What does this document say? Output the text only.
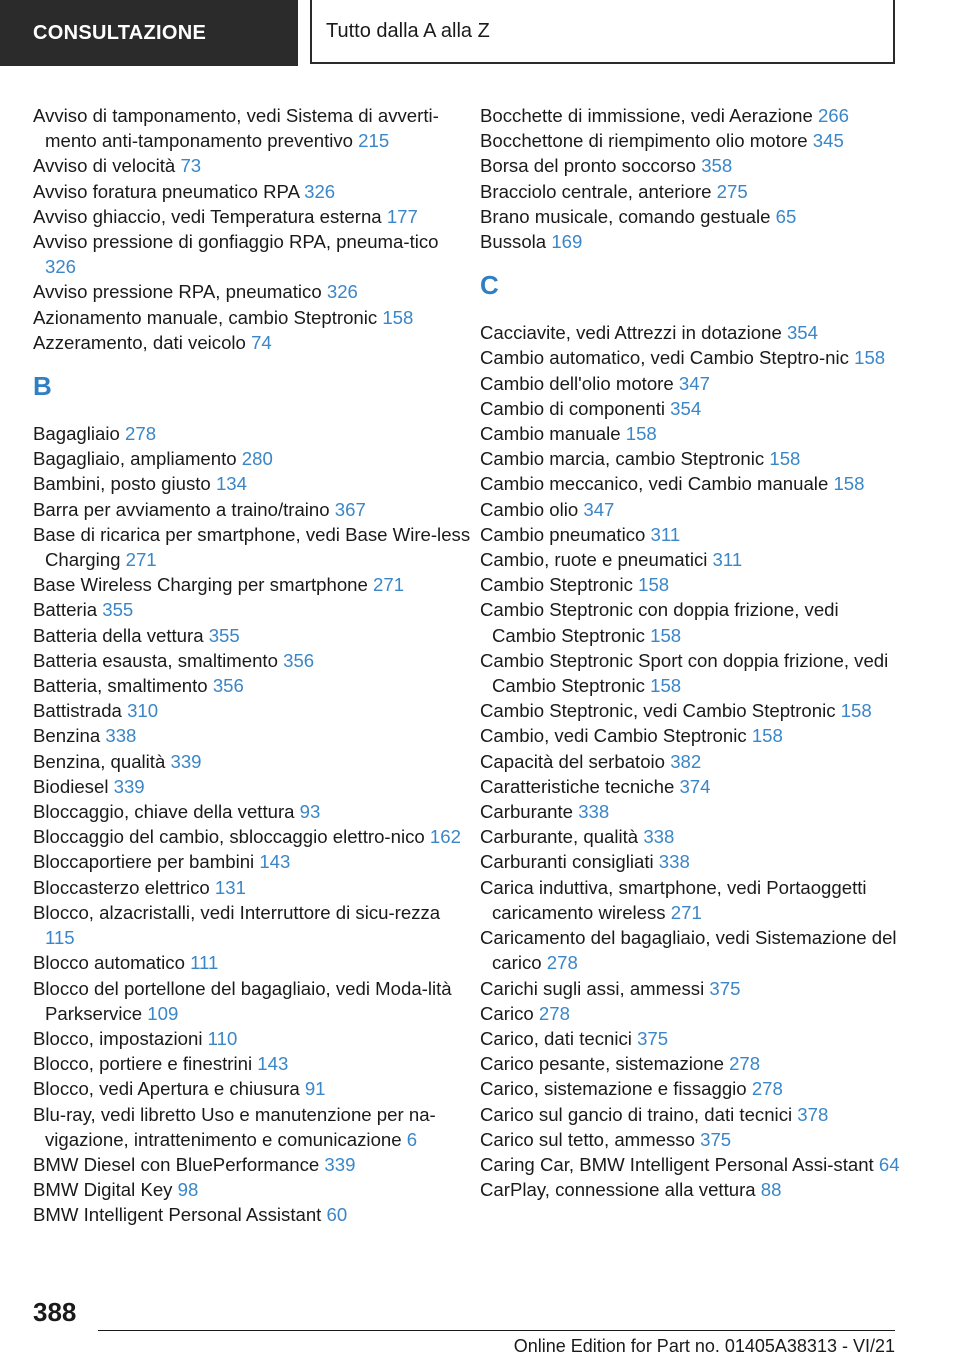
CONSULTAZIONE	Tutto dalla A alla Z

Avviso di tamponamento, vedi Sistema di avverti‐mento anti‐tamponamento preventivo 215

Avviso di velocità 73

Avviso foratura pneumatico RPA 326

Avviso ghiaccio, vedi Temperatura esterna 177

Avviso pressione di gonfiaggio RPA, pneuma‐tico 326

Avviso pressione RPA, pneumatico 326

Azionamento manuale, cambio Steptronic 158

Azzeramento, dati veicolo 74

B

Bagagliaio 278

Bagagliaio, ampliamento 280

Bambini, posto giusto 134

Barra per avviamento a traino/traino 367

Base di ricarica per smartphone, vedi Base Wire‐less Charging 271

Base Wireless Charging per smartphone 271

Batteria 355

Batteria della vettura 355

Batteria esausta, smaltimento 356

Batteria, smaltimento 356

Battistrada 310

Benzina 338

Benzina, qualità 339

Biodiesel 339

Bloccaggio, chiave della vettura 93

Bloccaggio del cambio, sbloccaggio elettro‐nico 162

Bloccaportiere per bambini 143

Bloccasterzo elettrico 131

Blocco, alzacristalli, vedi Interruttore di sicu‐rezza 115

Blocco automatico 111

Blocco del portellone del bagagliaio, vedi Moda‐lità Parkservice 109

Blocco, impostazioni 110

Blocco, portiere e finestrini 143

Blocco, vedi Apertura e chiusura 91

Blu-ray, vedi libretto Uso e manutenzione per na‐vigazione, intrattenimento e comunicazione 6

BMW Diesel con BluePerformance 339

BMW Digital Key 98

BMW Intelligent Personal Assistant 60

Bocchette di immissione, vedi Aerazione 266

Bocchettone di riempimento olio motore 345

Borsa del pronto soccorso 358

Bracciolo centrale, anteriore 275

Brano musicale, comando gestuale 65

Bussola 169

C

Cacciavite, vedi Attrezzi in dotazione 354

Cambio automatico, vedi Cambio Steptro‐nic 158

Cambio dell'olio motore 347

Cambio di componenti 354

Cambio manuale 158

Cambio marcia, cambio Steptronic 158

Cambio meccanico, vedi Cambio manuale 158

Cambio olio 347

Cambio pneumatico 311

Cambio, ruote e pneumatici 311

Cambio Steptronic 158

Cambio Steptronic con doppia frizione, vedi Cambio Steptronic 158

Cambio Steptronic Sport con doppia frizione, vedi Cambio Steptronic 158

Cambio Steptronic, vedi Cambio Steptronic 158

Cambio, vedi Cambio Steptronic 158

Capacità del serbatoio 382

Caratteristiche tecniche 374

Carburante 338

Carburante, qualità 338

Carburanti consigliati 338

Carica induttiva, smartphone, vedi Portaoggetti caricamento wireless 271

Caricamento del bagagliaio, vedi Sistemazione del carico 278

Carichi sugli assi, ammessi 375

Carico 278

Carico, dati tecnici 375

Carico pesante, sistemazione 278

Carico, sistemazione e fissaggio 278

Carico sul gancio di traino, dati tecnici 378

Carico sul tetto, ammesso 375

Caring Car, BMW Intelligent Personal Assi‐stant 64

CarPlay, connessione alla vettura 88

388
Online Edition for Part no. 01405A38313 - VI/21
